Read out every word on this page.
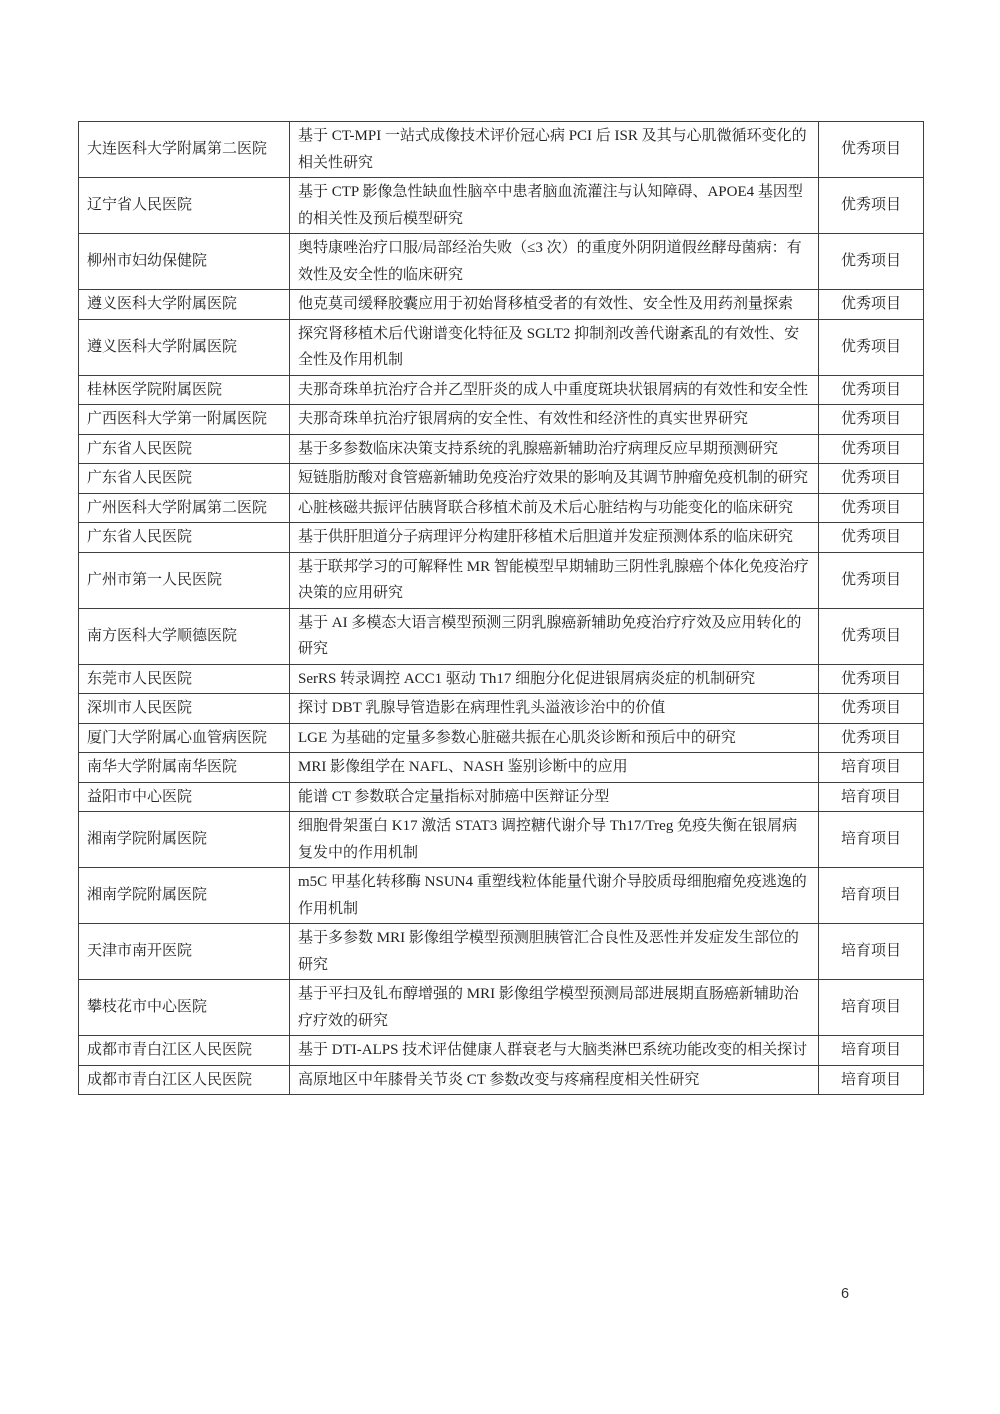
大连医科大学附属第二医院	基于 CT-MPI 一站式成像技术评价冠心病 PCI 后 ISR 及其与心肌微循环变化的相关性研究	优秀项目
辽宁省人民医院	基于 CTP 影像急性缺血性脑卒中患者脑血流灌注与认知障碍、APOE4 基因型的相关性及预后模型研究	优秀项目
柳州市妇幼保健院	奥特康唑治疗口服/局部经治失败（≤3 次）的重度外阴阴道假丝酵母菌病：有效性及安全性的临床研究	优秀项目
遵义医科大学附属医院	他克莫司缓释胶囊应用于初始肾移植受者的有效性、安全性及用药剂量探索	优秀项目
遵义医科大学附属医院	探究肾移植术后代谢谱变化特征及 SGLT2 抑制剂改善代谢紊乱的有效性、安全性及作用机制	优秀项目
桂林医学院附属医院	夫那奇珠单抗治疗合并乙型肝炎的成人中重度斑块状银屑病的有效性和安全性	优秀项目
广西医科大学第一附属医院	夫那奇珠单抗治疗银屑病的安全性、有效性和经济性的真实世界研究	优秀项目
广东省人民医院	基于多参数临床决策支持系统的乳腺癌新辅助治疗病理反应早期预测研究	优秀项目
广东省人民医院	短链脂肪酸对食管癌新辅助免疫治疗效果的影响及其调节肿瘤免疫机制的研究	优秀项目
广州医科大学附属第二医院	心脏核磁共振评估胰肾联合移植术前及术后心脏结构与功能变化的临床研究	优秀项目
广东省人民医院	基于供肝胆道分子病理评分构建肝移植术后胆道并发症预测体系的临床研究	优秀项目
广州市第一人民医院	基于联邦学习的可解释性 MR 智能模型早期辅助三阴性乳腺癌个体化免疫治疗决策的应用研究	优秀项目
南方医科大学顺德医院	基于 AI 多模态大语言模型预测三阴乳腺癌新辅助免疫治疗疗效及应用转化的研究	优秀项目
东莞市人民医院	SerRS 转录调控 ACC1 驱动 Th17 细胞分化促进银屑病炎症的机制研究	优秀项目
深圳市人民医院	探讨 DBT 乳腺导管造影在病理性乳头溢液诊治中的价值	优秀项目
厦门大学附属心血管病医院	LGE 为基础的定量多参数心脏磁共振在心肌炎诊断和预后中的研究	优秀项目
南华大学附属南华医院	MRI 影像组学在 NAFL、NASH 鉴别诊断中的应用	培育项目
益阳市中心医院	能谱 CT 参数联合定量指标对肺癌中医辩证分型	培育项目
湘南学院附属医院	细胞骨架蛋白 K17 激活 STAT3 调控糖代谢介导 Th17/Treg 免疫失衡在银屑病复发中的作用机制	培育项目
湘南学院附属医院	m5C 甲基化转移酶 NSUN4 重塑线粒体能量代谢介导胶质母细胞瘤免疫逃逸的作用机制	培育项目
天津市南开医院	基于多参数 MRI 影像组学模型预测胆胰管汇合良性及恶性并发症发生部位的研究	培育项目
攀枝花市中心医院	基于平扫及钆布醇增强的 MRI 影像组学模型预测局部进展期直肠癌新辅助治疗疗效的研究	培育项目
成都市青白江区人民医院	基于 DTI-ALPS 技术评估健康人群衰老与大脑类淋巴系统功能改变的相关探讨	培育项目
成都市青白江区人民医院	高原地区中年膝骨关节炎 CT 参数改变与疼痛程度相关性研究	培育项目
6
